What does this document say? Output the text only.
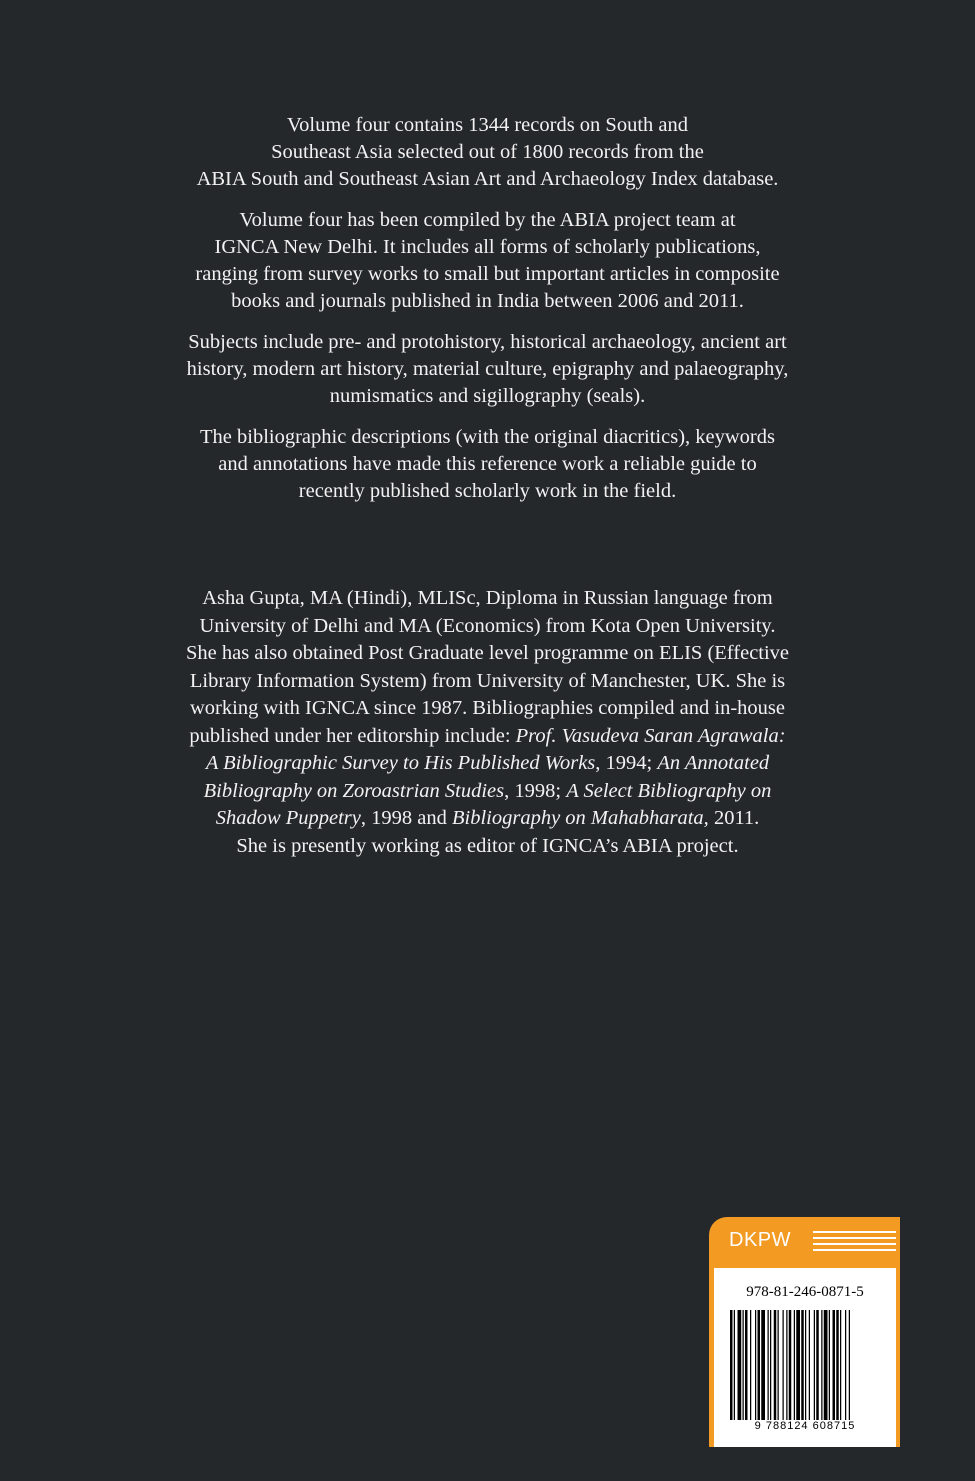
Volume four contains 1344 records on South and
Southeast Asia selected out of 1800 records from the
ABIA South and Southeast Asian Art and Archaeology Index database.

Volume four has been compiled by the ABIA project team at
IGNCA New Delhi. It includes all forms of scholarly publications,
ranging from survey works to small but important articles in composite
books and journals published in India between 2006 and 2011.

Subjects include pre- and protohistory, historical archaeology, ancient art
history, modern art history, material culture, epigraphy and palaeography,
numismatics and sigillography (seals).

The bibliographic descriptions (with the original diacritics), keywords
and annotations have made this reference work a reliable guide to
recently published scholarly work in the field.

Asha Gupta, MA (Hindi), MLISc, Diploma in Russian language from
University of Delhi and MA (Economics) from Kota Open University.
She has also obtained Post Graduate level programme on ELIS (Effective
Library Information System) from University of Manchester, UK. She is
working with IGNCA since 1987. Bibliographies compiled and in-house
published under her editorship include: Prof. Vasudeva Saran Agrawala:
A Bibliographic Survey to His Published Works, 1994; An Annotated
Bibliography on Zoroastrian Studies, 1998; A Select Bibliography on
Shadow Puppetry, 1998 and Bibliography on Mahabharata, 2011.
She is presently working as editor of IGNCA’s ABIA project.
DKPW
978-81-246-0871-5
9 788124 608715
